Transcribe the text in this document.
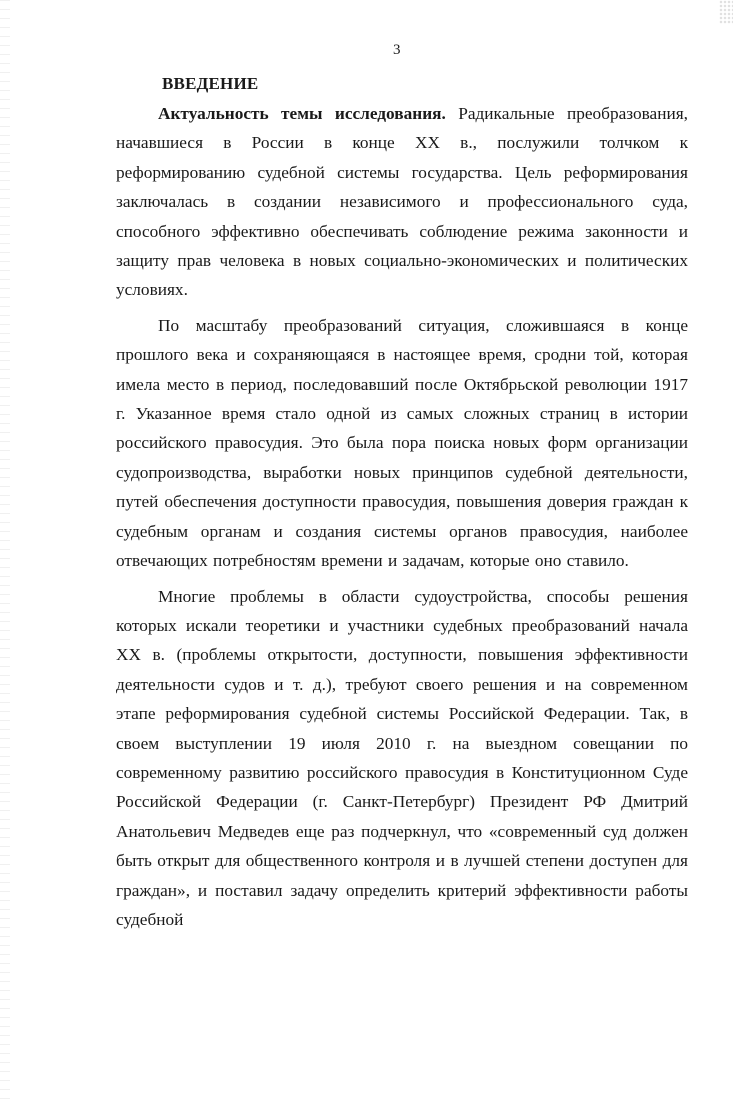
3
ВВЕДЕНИЕ

Актуальность темы исследования. Радикальные преобразования, начавшиеся в России в конце XX в., послужили толчком к реформированию судебной системы государства. Цель реформирования заключалась в создании независимого и профессионального суда, способного эффективно обеспечивать соблюдение режима законности и защиту прав человека в новых социально-экономических и политических условиях.

По масштабу преобразований ситуация, сложившаяся в конце прошлого века и сохраняющаяся в настоящее время, сродни той, которая имела место в период, последовавший после Октябрьской революции 1917 г. Указанное время стало одной из самых сложных страниц в истории российского правосудия. Это была пора поиска новых форм организации судопроизводства, выработки новых принципов судебной деятельности, путей обеспечения доступности правосудия, повышения доверия граждан к судебным органам и создания системы органов правосудия, наиболее отвечающих потребностям времени и задачам, которые оно ставило.

Многие проблемы в области судоустройства, способы решения которых искали теоретики и участники судебных преобразований начала XX в. (проблемы открытости, доступности, повышения эффективности деятельности судов и т. д.), требуют своего решения и на современном этапе реформирования судебной системы Российской Федерации. Так, в своем выступлении 19 июля 2010 г. на выездном совещании по современному развитию российского правосудия в Конституционном Суде Российской Федерации (г. Санкт-Петербург) Президент РФ Дмитрий Анатольевич Медведев еще раз подчеркнул, что «современный суд должен быть открыт для общественного контроля и в лучшей степени доступен для граждан», и поставил задачу определить критерий эффективности работы судебной
